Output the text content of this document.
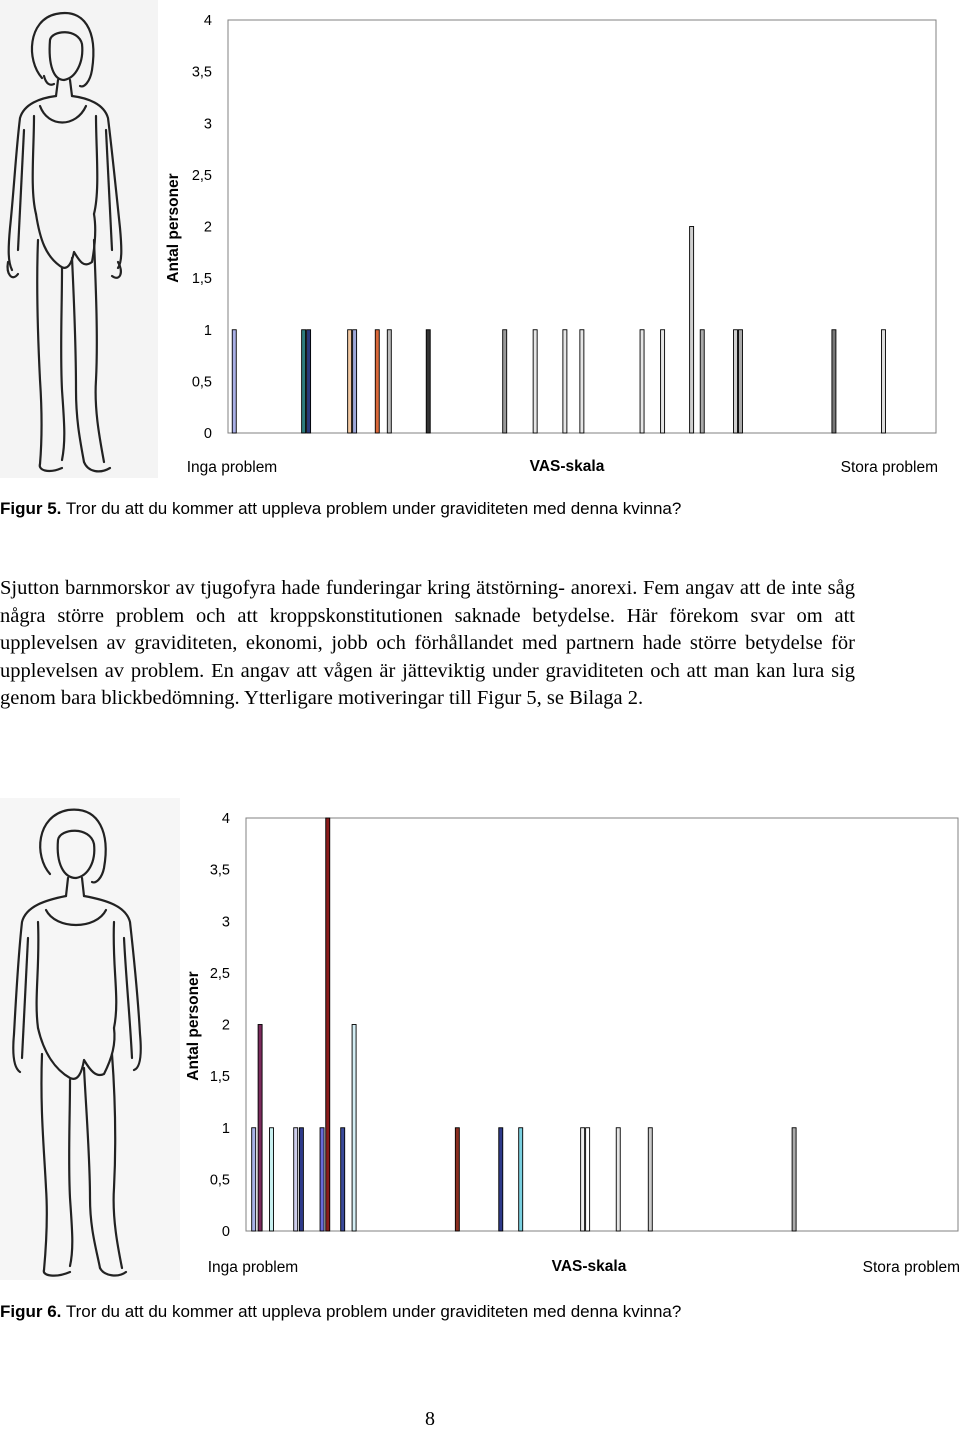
0
0,5
1
1,5
2
2,5
3
3,5
4
Antal personer
Inga problem	VAS-skala	Stora problem
Figur 5. Tror du att du kommer att uppleva problem under graviditeten med denna kvinna?
Sjutton barnmorskor av tjugofyra hade funderingar kring ätstörning- anorexi. Fem angav att de inte såg några större problem och att kroppskonstitutionen saknade betydelse. Här förekom svar om att upplevelsen av graviditeten, ekonomi, jobb och förhållandet med partnern hade större betydelse för upplevelsen av problem. En angav att vågen är jätteviktig under graviditeten och att man kan lura sig genom bara blickbedömning. Ytterligare motiveringar till Figur 5, se Bilaga 2.
0
0,5
1
1,5
2
2,5
3
3,5
4
Antal personer
Inga problem	VAS-skala	Stora problem
Figur 6. Tror du att du kommer att uppleva problem under graviditeten med denna kvinna?
8
